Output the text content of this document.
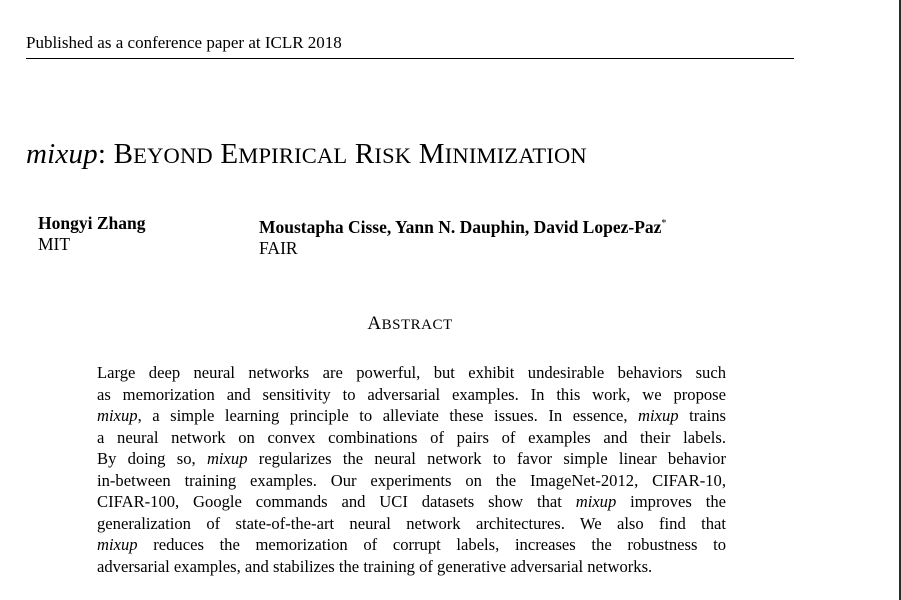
Published as a conference paper at ICLR 2018
mixup: BEYOND EMPIRICAL RISK MINIMIZATION
Hongyi Zhang
MIT
Moustapha Cisse, Yann N. Dauphin, David Lopez-Paz*
FAIR
ABSTRACT
Large deep neural networks are powerful, but exhibit undesirable behaviors such
as memorization and sensitivity to adversarial examples. In this work, we propose
mixup, a simple learning principle to alleviate these issues. In essence, mixup trains
a neural network on convex combinations of pairs of examples and their labels.
By doing so, mixup regularizes the neural network to favor simple linear behavior
in-between training examples. Our experiments on the ImageNet-2012, CIFAR-10,
CIFAR-100, Google commands and UCI datasets show that mixup improves the
generalization of state-of-the-art neural network architectures. We also find that
mixup reduces the memorization of corrupt labels, increases the robustness to
adversarial examples, and stabilizes the training of generative adversarial networks.
